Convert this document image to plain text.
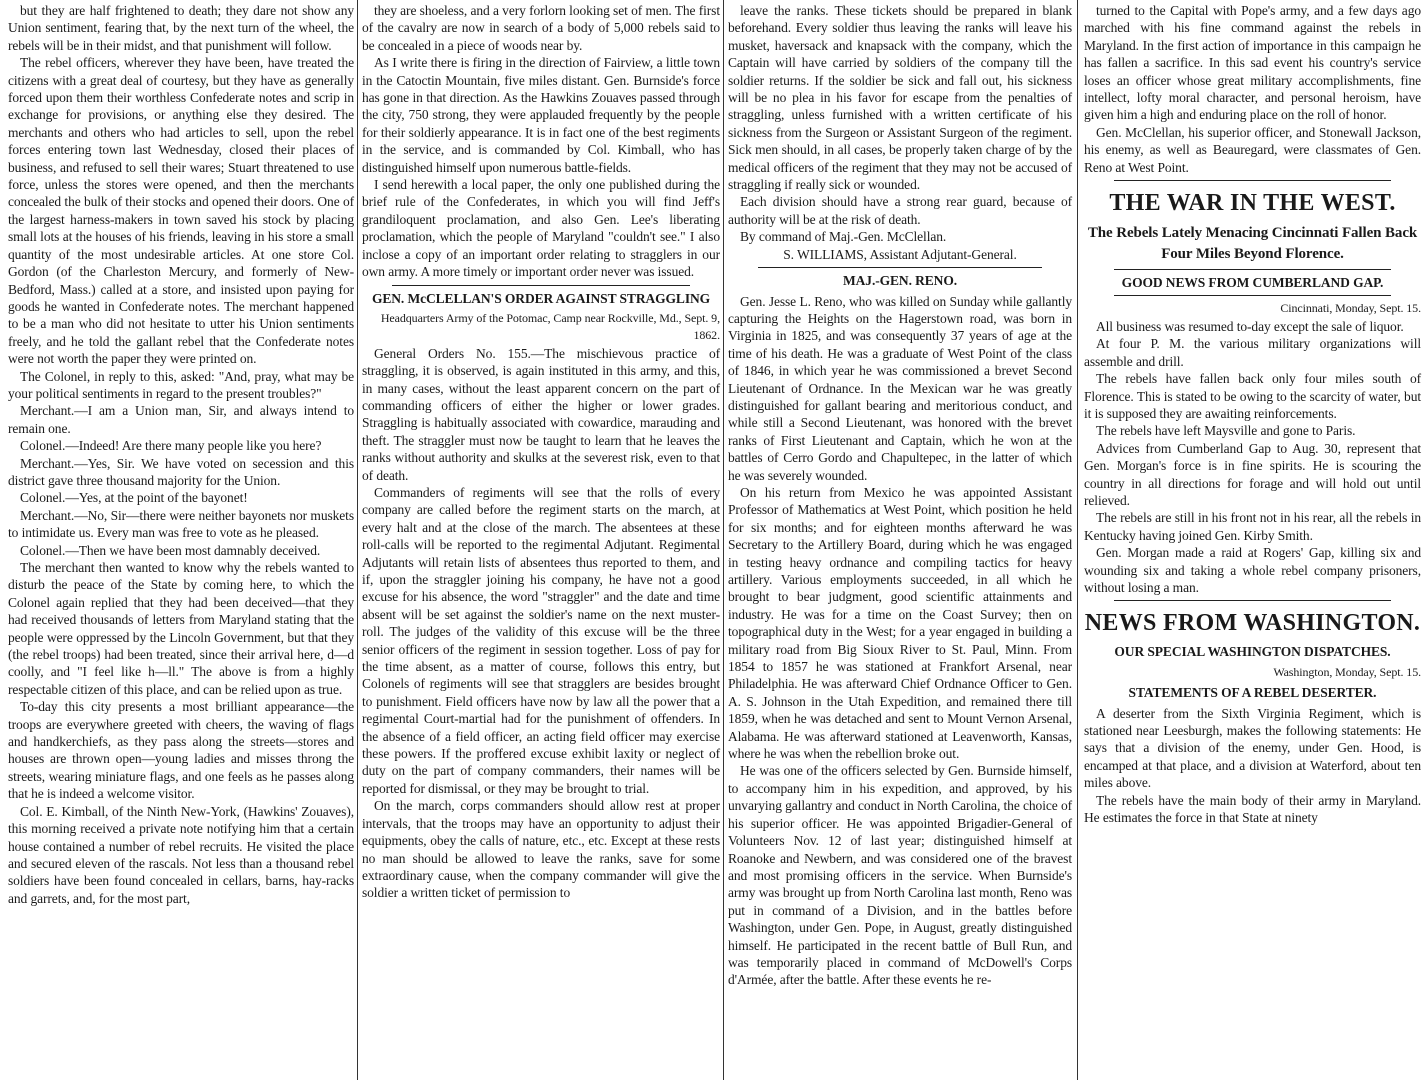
but they are half frightened to death; they dare not show any Union sentiment, fearing that, by the next turn of the wheel, the rebels will be in their midst, and that punishment will follow.

The rebel officers, wherever they have been, have treated the citizens with a great deal of courtesy, but they have as generally forced upon them their worthless Confederate notes and scrip in exchange for provisions, or anything else they desired. The merchants and others who had articles to sell, upon the rebel forces entering town last Wednesday, closed their places of business, and refused to sell their wares; Stuart threatened to use force, unless the stores were opened, and then the merchants concealed the bulk of their stocks and opened their doors. One of the largest harness-makers in town saved his stock by placing small lots at the houses of his friends, leaving in his store a small quantity of the most undesirable articles. At one store Col. Gordon (of the Charleston Mercury, and formerly of New-Bedford, Mass.) called at a store, and insisted upon paying for goods he wanted in Confederate notes. The merchant happened to be a man who did not hesitate to utter his Union sentiments freely, and he told the gallant rebel that the Confederate notes were not worth the paper they were printed on.

The Colonel, in reply to this, asked: "And, pray, what may be your political sentiments in regard to the present troubles?"

Merchant.—I am a Union man, Sir, and always intend to remain one.

Colonel.—Indeed! Are there many people like you here?

Merchant.—Yes, Sir. We have voted on secession and this district gave three thousand majority for the Union.

Colonel.—Yes, at the point of the bayonet!

Merchant.—No, Sir—there were neither bayonets nor muskets to intimidate us. Every man was free to vote as he pleased.

Colonel.—Then we have been most damnably deceived.

The merchant then wanted to know why the rebels wanted to disturb the peace of the State by coming here, to which the Colonel again replied that they had been deceived—that they had received thousands of letters from Maryland stating that the people were oppressed by the Lincoln Government, but that they (the rebel troops) had been treated, since their arrival here, d—d coolly, and "I feel like h—ll." The above is from a highly respectable citizen of this place, and can be relied upon as true.

To-day this city presents a most brilliant appearance—the troops are everywhere greeted with cheers, the waving of flags and handkerchiefs, as they pass along the streets—stores and houses are thrown open—young ladies and misses throng the streets, wearing miniature flags, and one feels as he passes along that he is indeed a welcome visitor.

Col. E. Kimball, of the Ninth New-York, (Hawkins' Zouaves), this morning received a private note notifying him that a certain house contained a number of rebel recruits. He visited the place and secured eleven of the rascals. Not less than a thousand rebel soldiers have been found concealed in cellars, barns, hay-racks and garrets, and, for the most part,

they are shoeless, and a very forlorn looking set of men. The first of the cavalry are now in search of a body of 5,000 rebels said to be concealed in a piece of woods near by.

As I write there is firing in the direction of Fairview, a little town in the Catoctin Mountain, five miles distant. Gen. Burnside's force has gone in that direction. As the Hawkins Zouaves passed through the city, 750 strong, they were applauded frequently by the people for their soldierly appearance. It is in fact one of the best regiments in the service, and is commanded by Col. Kimball, who has distinguished himself upon numerous battle-fields.

I send herewith a local paper, the only one published during the brief rule of the Confederates, in which you will find Jeff's grandiloquent proclamation, and also Gen. Lee's liberating proclamation, which the people of Maryland "couldn't see." I also inclose a copy of an important order relating to stragglers in our own army. A more timely or important order never was issued.

GEN. McCLELLAN'S ORDER AGAINST STRAGGLING

Headquarters Army of the Potomac, Camp near Rockville, Md., Sept. 9, 1862.

General Orders No. 155.—The mischievous practice of straggling, it is observed, is again instituted in this army, and this, in many cases, without the least apparent concern on the part of commanding officers of either the higher or lower grades. Straggling is habitually associated with cowardice, marauding and theft. The straggler must now be taught to learn that he leaves the ranks without authority and skulks at the severest risk, even to that of death.

Commanders of regiments will see that the rolls of every company are called before the regiment starts on the march, at every halt and at the close of the march. The absentees at these roll-calls will be reported to the regimental Adjutant. Regimental Adjutants will retain lists of absentees thus reported to them, and if, upon the straggler joining his company, he have not a good excuse for his absence, the word "straggler" and the date and time absent will be set against the soldier's name on the next muster-roll. The judges of the validity of this excuse will be the three senior officers of the regiment in session together. Loss of pay for the time absent, as a matter of course, follows this entry, but Colonels of regiments will see that stragglers are besides brought to punishment. Field officers have now by law all the power that a regimental Court-martial had for the punishment of offenders. In the absence of a field officer, an acting field officer may exercise these powers. If the proffered excuse exhibit laxity or neglect of duty on the part of company commanders, their names will be reported for dismissal, or they may be brought to trial.

On the march, corps commanders should allow rest at proper intervals, that the troops may have an opportunity to adjust their equipments, obey the calls of nature, etc., etc. Except at these rests no man should be allowed to leave the ranks, save for some extraordinary cause, when the company commander will give the soldier a written ticket of permission to

leave the ranks. These tickets should be prepared in blank beforehand. Every soldier thus leaving the ranks will leave his musket, haversack and knapsack with the company, which the Captain will have carried by soldiers of the company till the soldier returns. If the soldier be sick and fall out, his sickness will be no plea in his favor for escape from the penalties of straggling, unless furnished with a written certificate of his sickness from the Surgeon or Assistant Surgeon of the regiment. Sick men should, in all cases, be properly taken charge of by the medical officers of the regiment that they may not be accused of straggling if really sick or wounded.

Each division should have a strong rear guard, because of authority will be at the risk of death.

By command of Maj.-Gen. McClellan.

S. WILLIAMS, Assistant Adjutant-General.

MAJ.-GEN. RENO.

Gen. Jesse L. Reno, who was killed on Sunday while gallantly capturing the Heights on the Hagerstown road, was born in Virginia in 1825, and was consequently 37 years of age at the time of his death. He was a graduate of West Point of the class of 1846, in which year he was commissioned a brevet Second Lieutenant of Ordnance. In the Mexican war he was greatly distinguished for gallant bearing and meritorious conduct, and while still a Second Lieutenant, was honored with the brevet ranks of First Lieutenant and Captain, which he won at the battles of Cerro Gordo and Chapultepec, in the latter of which he was severely wounded.

On his return from Mexico he was appointed Assistant Professor of Mathematics at West Point, which position he held for six months; and for eighteen months afterward he was Secretary to the Artillery Board, during which he was engaged in testing heavy ordnance and compiling tactics for heavy artillery. Various employments succeeded, in all which he brought to bear judgment, good scientific attainments and industry. He was for a time on the Coast Survey; then on topographical duty in the West; for a year engaged in building a military road from Big Sioux River to St. Paul, Minn. From 1854 to 1857 he was stationed at Frankfort Arsenal, near Philadelphia. He was afterward Chief Ordnance Officer to Gen. A. S. Johnson in the Utah Expedition, and remained there till 1859, when he was detached and sent to Mount Vernon Arsenal, Alabama. He was afterward stationed at Leavenworth, Kansas, where he was when the rebellion broke out.

He was one of the officers selected by Gen. Burnside himself, to accompany him in his expedition, and approved, by his unvarying gallantry and conduct in North Carolina, the choice of his superior officer. He was appointed Brigadier-General of Volunteers Nov. 12 of last year; distinguished himself at Roanoke and Newbern, and was considered one of the bravest and most promising officers in the service. When Burnside's army was brought up from North Carolina last month, Reno was put in command of a Division, and in the battles before Washington, under Gen. Pope, in August, greatly distinguished himself. He participated in the recent battle of Bull Run, and was temporarily placed in command of McDowell's Corps d'Armée, after the battle. After these events he re-

turned to the Capital with Pope's army, and a few days ago marched with his fine command against the rebels in Maryland. In the first action of importance in this campaign he has fallen a sacrifice. In this sad event his country's service loses an officer whose great military accomplishments, fine intellect, lofty moral character, and personal heroism, have given him a high and enduring place on the roll of honor.

Gen. McClellan, his superior officer, and Stonewall Jackson, his enemy, as well as Beauregard, were classmates of Gen. Reno at West Point.

THE WAR IN THE WEST.

The Rebels Lately Menacing Cincinnati Fallen Back Four Miles Beyond Florence.

GOOD NEWS FROM CUMBERLAND GAP.

Cincinnati, Monday, Sept. 15.

All business was resumed to-day except the sale of liquor.

At four P. M. the various military organizations will assemble and drill.

The rebels have fallen back only four miles south of Florence. This is stated to be owing to the scarcity of water, but it is supposed they are awaiting reinforcements.

The rebels have left Maysville and gone to Paris.

Advices from Cumberland Gap to Aug. 30, represent that Gen. Morgan's force is in fine spirits. He is scouring the country in all directions for forage and will hold out until relieved.

The rebels are still in his front not in his rear, all the rebels in Kentucky having joined Gen. Kirby Smith.

Gen. Morgan made a raid at Rogers' Gap, killing six and wounding six and taking a whole rebel company prisoners, without losing a man.

NEWS FROM WASHINGTON.

OUR SPECIAL WASHINGTON DISPATCHES.

Washington, Monday, Sept. 15.

STATEMENTS OF A REBEL DESERTER.

A deserter from the Sixth Virginia Regiment, which is stationed near Leesburgh, makes the following statements: He says that a division of the enemy, under Gen. Hood, is encamped at that place, and a division at Waterford, about ten miles above.

The rebels have the main body of their army in Maryland. He estimates the force in that State at ninety
